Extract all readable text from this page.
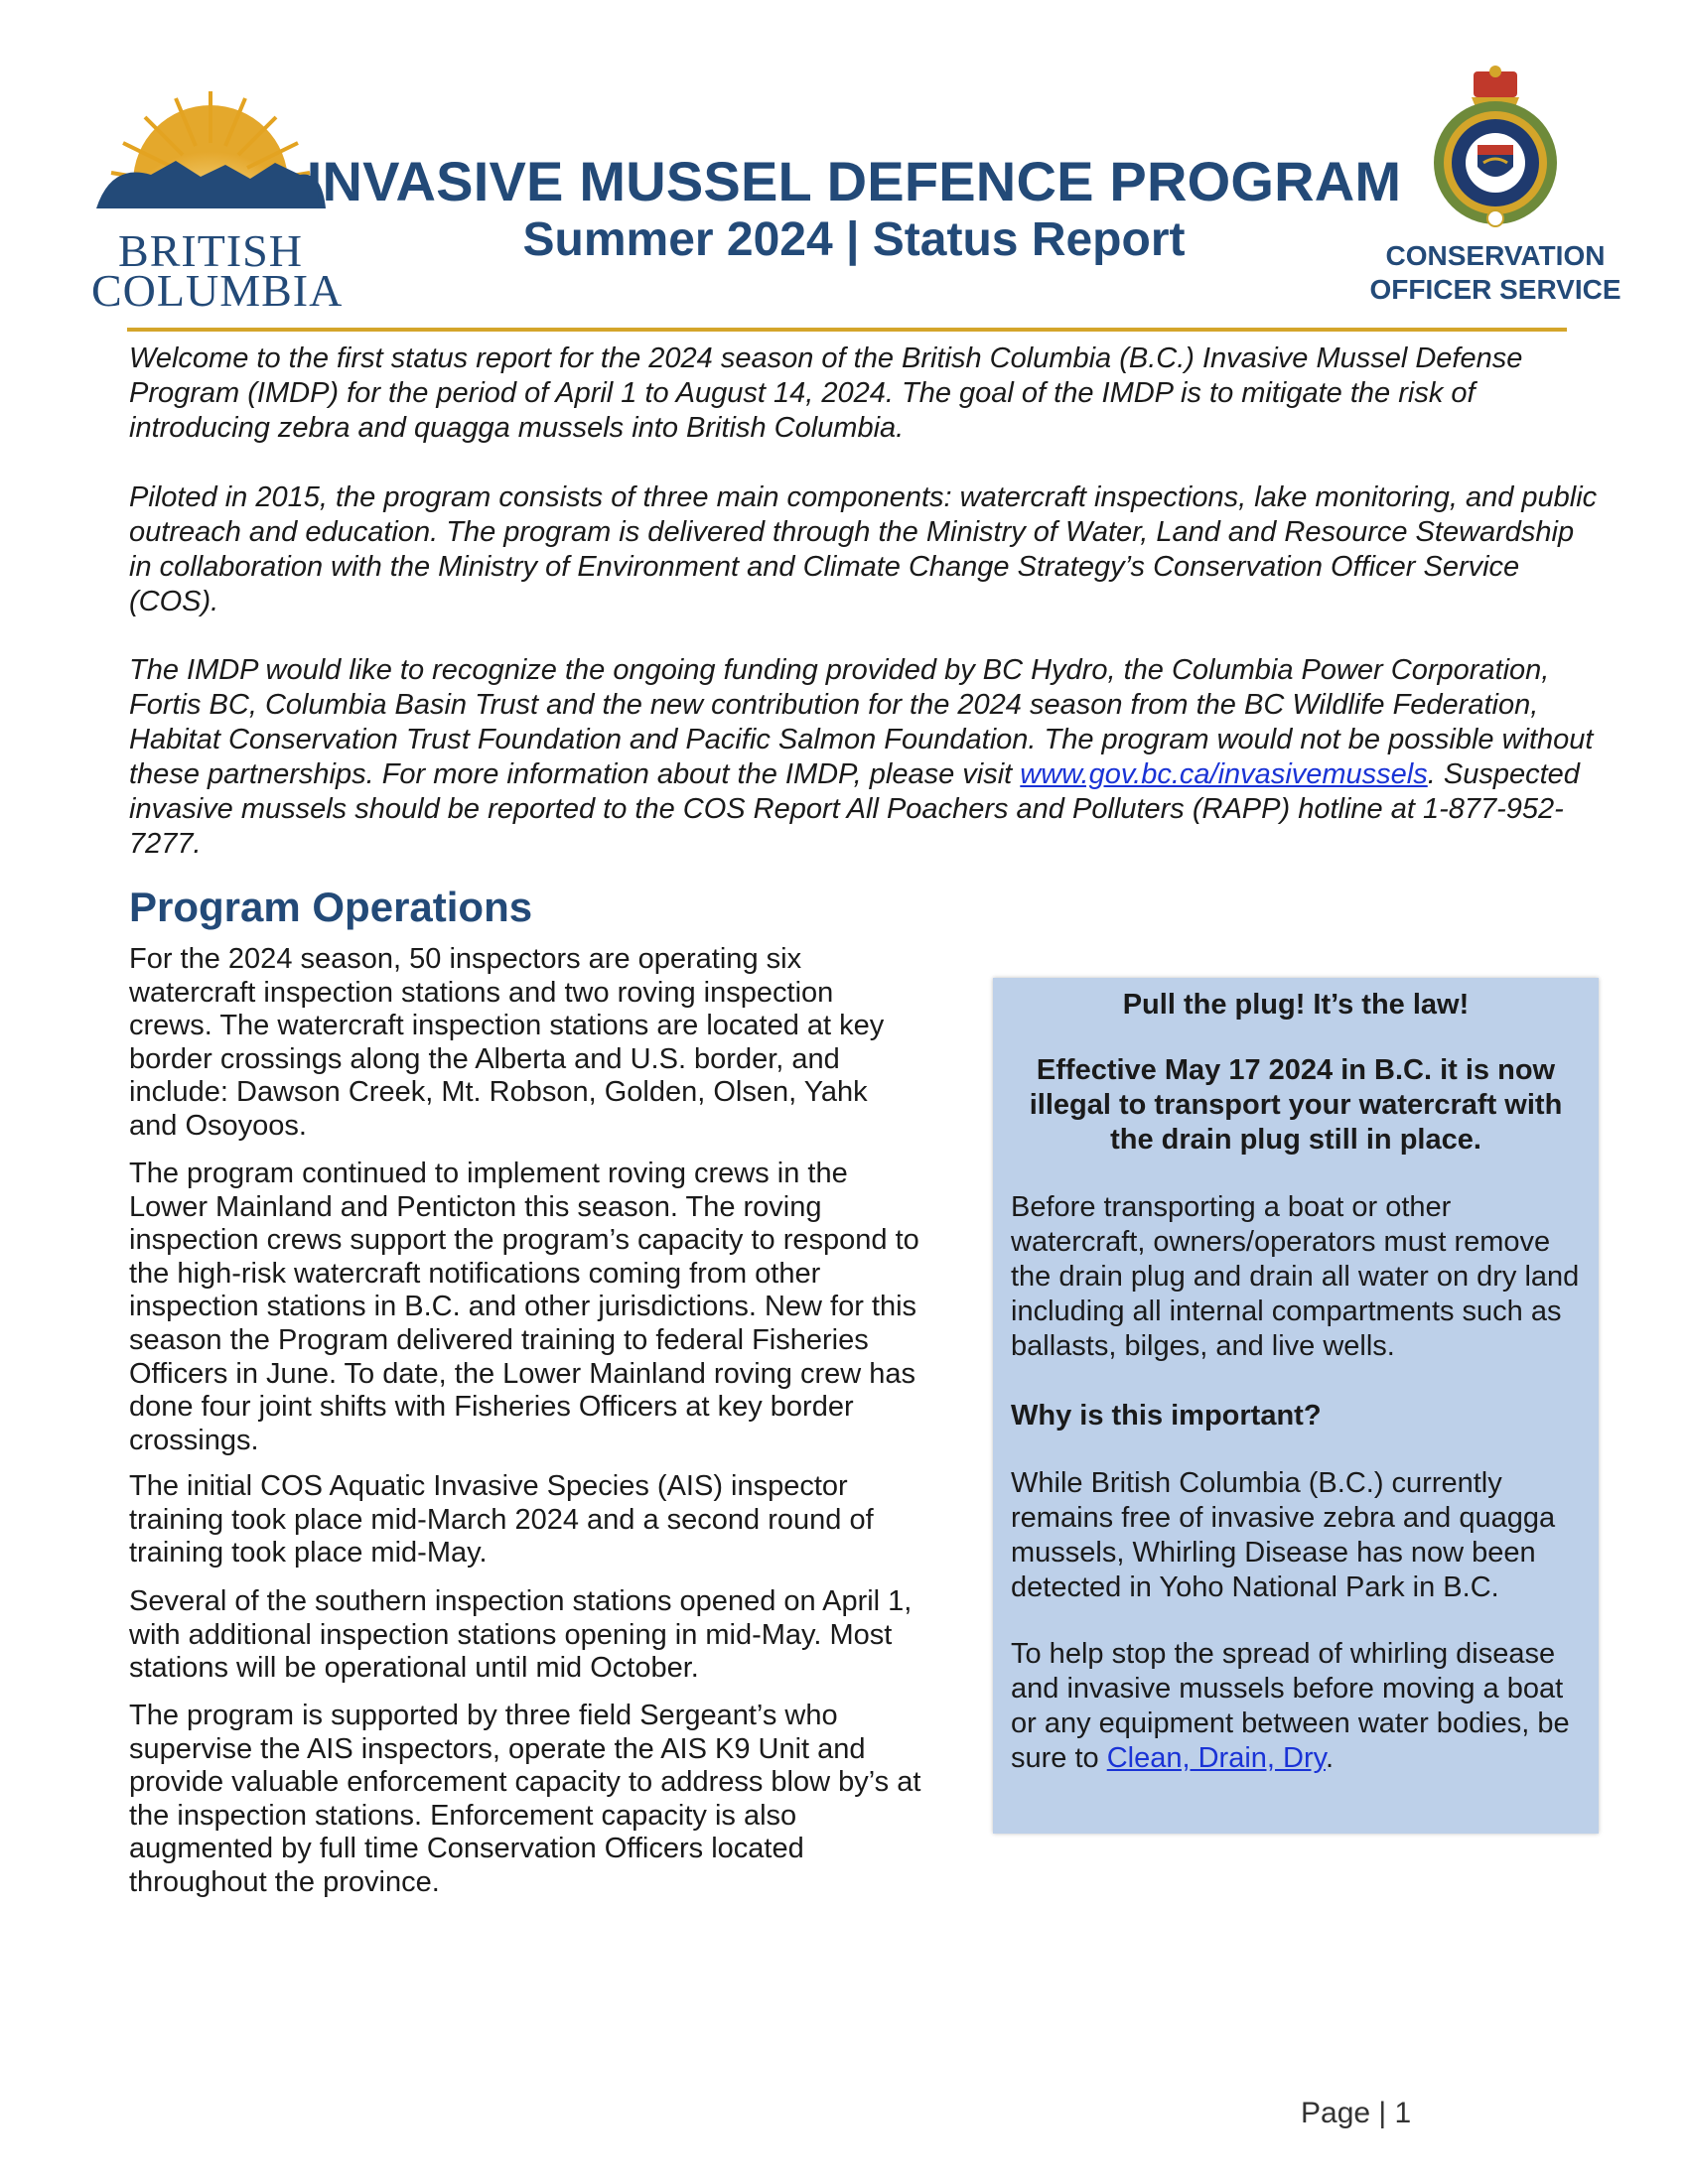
BRITISH
COLUMBIA
INVASIVE MUSSEL DEFENCE PROGRAM
Summer 2024 | Status Report	CONSERVATION
OFFICER SERVICE

Welcome to the first status report for the 2024 season of the British Columbia (B.C.) Invasive Mussel Defense Program (IMDP) for the period of April 1 to August 14, 2024. The goal of the IMDP is to mitigate the risk of introducing zebra and quagga mussels into British Columbia.

Piloted in 2015, the program consists of three main components: watercraft inspections, lake monitoring, and public outreach and education. The program is delivered through the Ministry of Water, Land and Resource Stewardship in collaboration with the Ministry of Environment and Climate Change Strategy’s Conservation Officer Service (COS).

The IMDP would like to recognize the ongoing funding provided by BC Hydro, the Columbia Power Corporation, Fortis BC, Columbia Basin Trust and the new contribution for the 2024 season from the BC Wildlife Federation, Habitat Conservation Trust Foundation and Pacific Salmon Foundation. The program would not be possible without these partnerships. For more information about the IMDP, please visit www.gov.bc.ca/invasivemussels. Suspected invasive mussels should be reported to the COS Report All Poachers and Polluters (RAPP) hotline at 1-877-952-7277.

Program Operations

For the 2024 season, 50 inspectors are operating six watercraft inspection stations and two roving inspection crews. The watercraft inspection stations are located at key border crossings along the Alberta and U.S. border, and include: Dawson Creek, Mt. Robson, Golden, Olsen, Yahk and Osoyoos.

The program continued to implement roving crews in the Lower Mainland and Penticton this season. The roving inspection crews support the program’s capacity to respond to the high-risk watercraft notifications coming from other inspection stations in B.C. and other jurisdictions. New for this season the Program delivered training to federal Fisheries Officers in June. To date, the Lower Mainland roving crew has done four joint shifts with Fisheries Officers at key border crossings.

The initial COS Aquatic Invasive Species (AIS) inspector training took place mid-March 2024 and a second round of training took place mid-May.

Several of the southern inspection stations opened on April 1, with additional inspection stations opening in mid-May. Most stations will be operational until mid October.

The program is supported by three field Sergeant’s who supervise the AIS inspectors, operate the AIS K9 Unit and provide valuable enforcement capacity to address blow by’s at the inspection stations. Enforcement capacity is also augmented by full time Conservation Officers located throughout the province.

Pull the plug! It’s the law!

Effective May 17 2024 in B.C. it is now illegal to transport your watercraft with the drain plug still in place.

Before transporting a boat or other watercraft, owners/operators must remove the drain plug and drain all water on dry land including all internal compartments such as ballasts, bilges, and live wells.

Why is this important?

While British Columbia (B.C.) currently remains free of invasive zebra and quagga mussels, Whirling Disease has now been detected in Yoho National Park in B.C.

To help stop the spread of whirling disease and invasive mussels before moving a boat or any equipment between water bodies, be sure to Clean, Drain, Dry.

Page | 1
